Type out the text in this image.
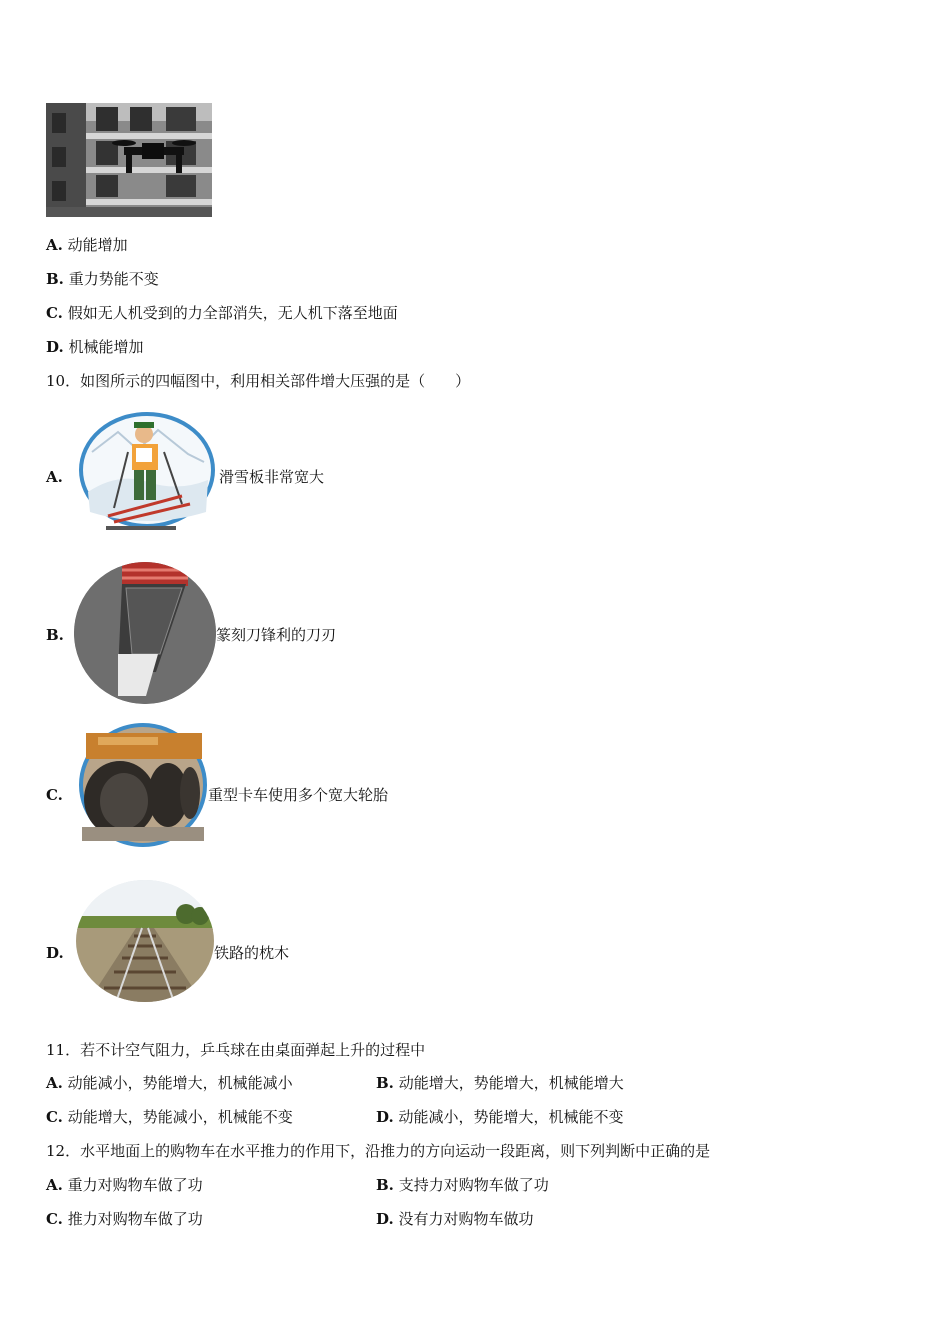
A. 动能增加
B. 重力势能不变
C. 假如无人机受到的力全部消失，无人机下落至地面
D. 机械能增加
10．如图所示的四幅图中，利用相关部件增大压强的是（　　）
A.	滑雪板非常宽大
B.	篆刻刀锋利的刀刃
C.	重型卡车使用多个宽大轮胎
D.	铁路的枕木
11．若不计空气阻力，乒乓球在由桌面弹起上升的过程中
A. 动能减小，势能增大，机械能减小	B. 动能增大，势能增大，机械能增大
C. 动能增大，势能减小，机械能不变	D. 动能减小，势能增大，机械能不变
12．水平地面上的购物车在水平推力的作用下，沿推力的方向运动一段距离，则下列判断中正确的是
A. 重力对购物车做了功	B. 支持力对购物车做了功
C. 推力对购物车做了功	D. 没有力对购物车做功
